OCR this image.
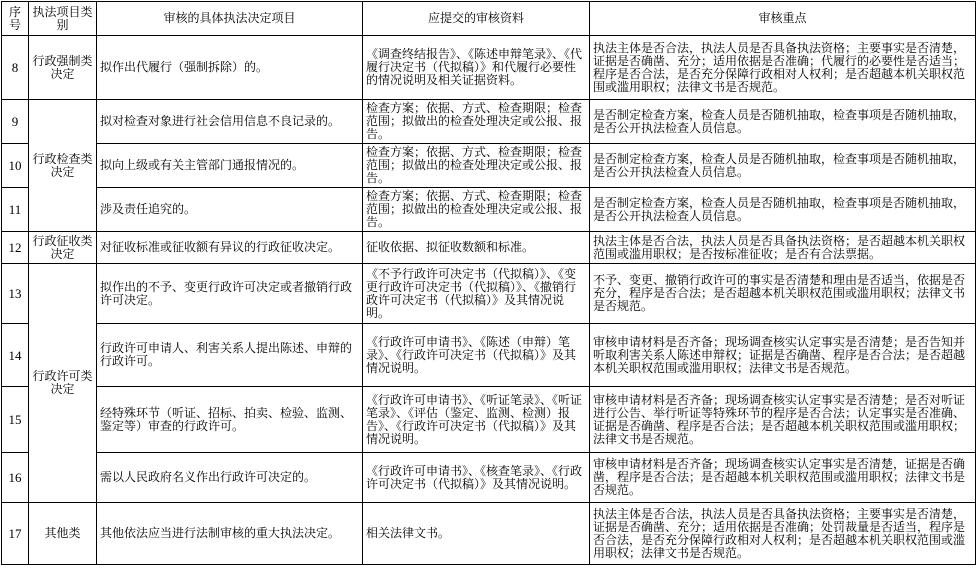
序号	执法项目类别	审核的具体执法决定项目	应提交的审核资料	审核重点
8	行政强制类决定	拟作出代履行（强制拆除）的。	《调查终结报告》、《陈述申辩笔录》、《代履行决定书（代拟稿）》和代履行必要性的情况说明及相关证据资料。	执法主体是否合法，执法人员是否具备执法资格；主要事实是否清楚，证据是否确凿、充分；适用依据是否准确；代履行的必要性是否适当；程序是否合法，是否充分保障行政相对人权利；是否超越本机关职权范围或滥用职权；法律文书是否规范。
9	行政检查类决定	拟对检查对象进行社会信用信息不良记录的。	检查方案；依据、方式、检查期限；检查范围；拟做出的检查处理决定或公报、报告。	是否制定检查方案，检查人员是否随机抽取，检查事项是否随机抽取，是否公开执法检查人员信息。
10		拟向上级或有关主管部门通报情况的。	检查方案；依据、方式、检查期限；检查范围；拟做出的检查处理决定或公报、报告。	是否制定检查方案，检查人员是否随机抽取，检查事项是否随机抽取，是否公开执法检查人员信息。
11		涉及责任追究的。	检查方案；依据、方式、检查期限；检查范围；拟做出的检查处理决定或公报、报告。	是否制定检查方案，检查人员是否随机抽取，检查事项是否随机抽取，是否公开执法检查人员信息。
12	行政征收类决定	对征收标准或征收额有异议的行政征收决定。	征收依据、拟征收数额和标准。	执法主体是否合法，执法人员是否具备执法资格；是否超越本机关职权范围或滥用职权；是否按标准征收；是否有合法票据。
13	行政许可类决定	拟作出的不予、变更行政许可决定或者撤销行政许可决定。	《不予行政许可决定书（代拟稿）》、《变更行政许可决定书（代拟稿）》、《撤销行政许可决定书（代拟稿）》及其情况说明。	不予、变更、撤销行政许可的事实是否清楚和理由是否适当，依据是否充分，程序是否合法；是否超越本机关职权范围或滥用职权；法律文书是否规范。
14		行政许可申请人、利害关系人提出陈述、申辩的行政许可。	《行政许可申请书》、《陈述（申辩）笔录》、《行政许可决定书（代拟稿）》及其情况说明。	审核申请材料是否齐备；现场调查核实认定事实是否清楚；是否告知并听取利害关系人陈述申辩权；证据是否确凿、程序是否合法；是否超越本机关职权范围或滥用职权；法律文书是否规范。
15		经特殊环节（听证、招标、拍卖、检验、监测、鉴定等）审查的行政许可。	《行政许可申请书》、《听证笔录》、《听证笔录》、《评估（鉴定、监测、检测）报告》、《行政许可决定书（代拟稿）》及其情况说明。	审核申请材料是否齐备；现场调查核实认定事实是否清楚；是否对听证进行公告、举行听证等特殊环节的程序是否合法；认定事实是否准确、证据是否确凿、程序是否合法；是否超越本机关职权范围或滥用职权；法律文书是否规范。
16		需以人民政府名义作出行政许可决定的。	《行政许可申请书》、《核查笔录》、《行政许可决定书（代拟稿）》及其情况说明。	审核申请材料是否齐备；现场调查核实认定事实是否清楚，证据是否确凿，程序是否合法；是否超越本机关职权范围或滥用职权；法律文书是否规范。
17	其他类	其他依法应当进行法制审核的重大执法决定。	相关法律文书。	执法主体是否合法，执法人员是否具备执法资格；主要事实是否清楚，证据是否确凿、充分；适用依据是否准确；处罚裁量是否适当，程序是否合法，是否充分保障行政相对人权利；是否超越本机关职权范围或滥用职权；法律文书是否规范。
